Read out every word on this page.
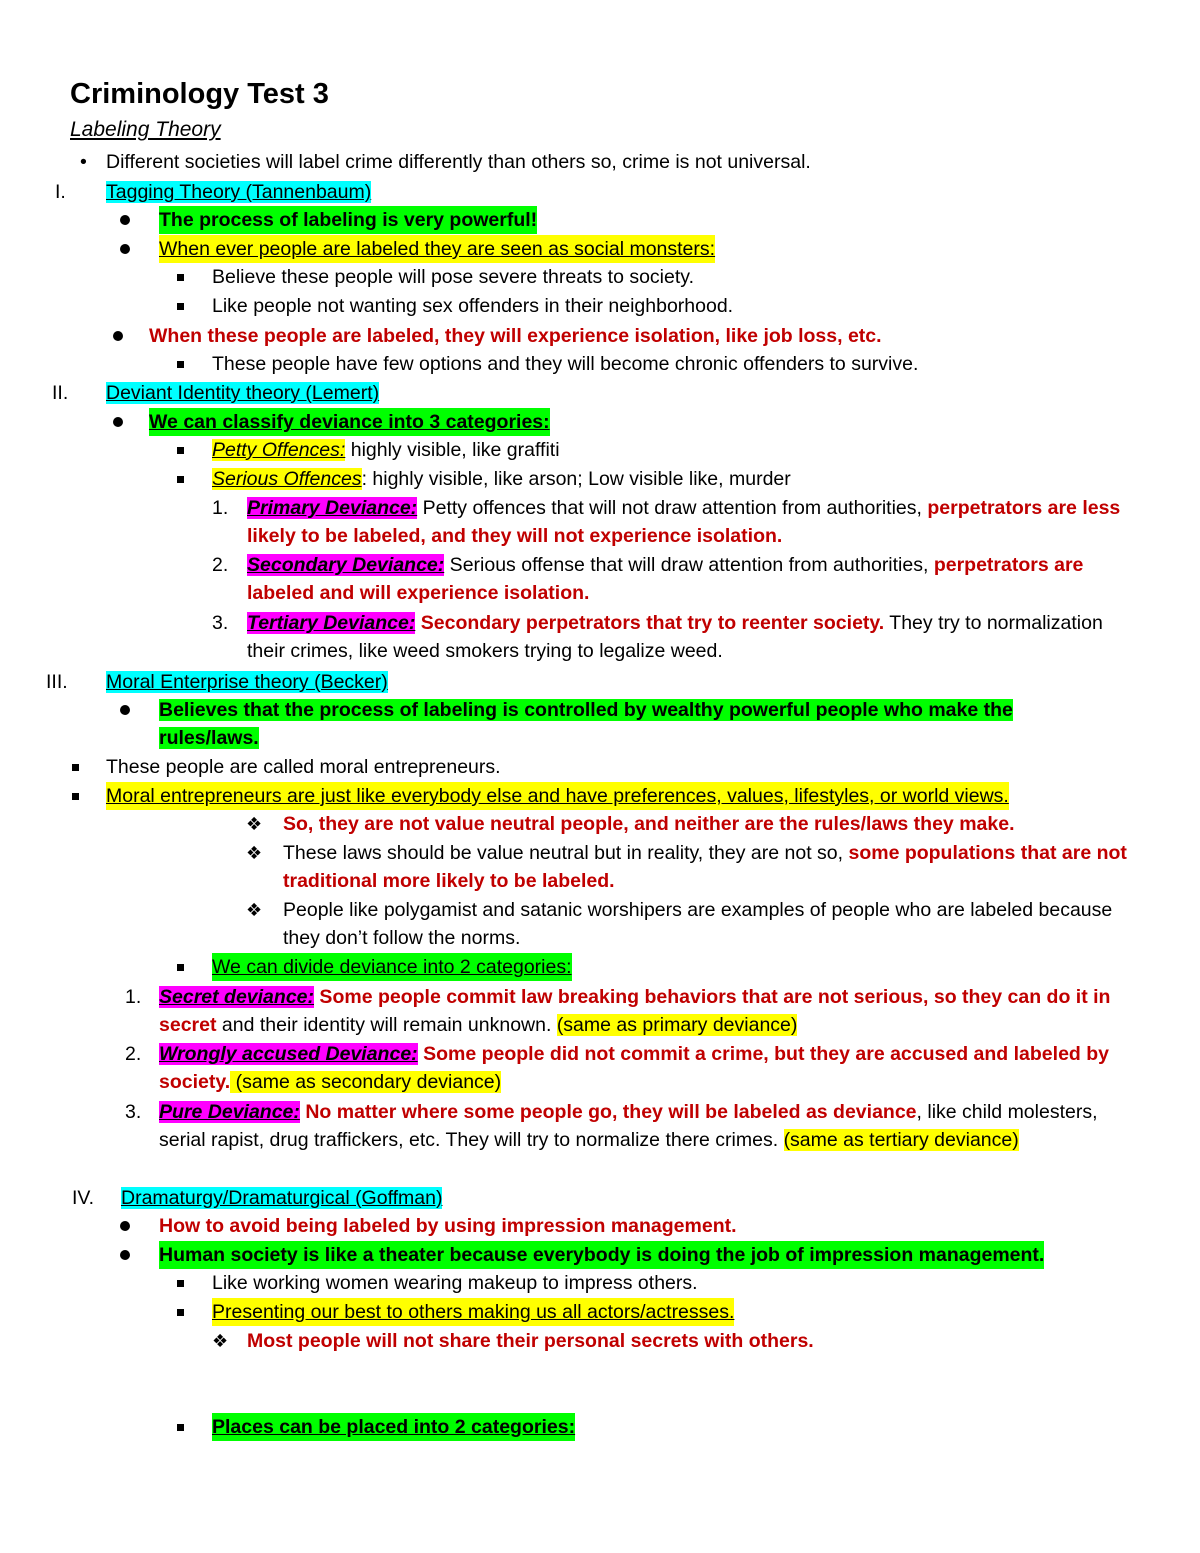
Criminology Test 3
Labeling Theory
• Different societies will label crime differently than others so, crime is not universal.
I. Tagging Theory (Tannenbaum)
The process of labeling is very powerful!
When ever people are labeled they are seen as social monsters:
Believe these people will pose severe threats to society.
Like people not wanting sex offenders in their neighborhood.
When these people are labeled, they will experience isolation, like job loss, etc.
These people have few options and they will become chronic offenders to survive.
II. Deviant Identity theory (Lemert)
We can classify deviance into 3 categories:
Petty Offences: highly visible, like graffiti
Serious Offences: highly visible, like arson; Low visible like, murder
1. Primary Deviance: Petty offences that will not draw attention from authorities, perpetrators are less likely to be labeled, and they will not experience isolation.
2. Secondary Deviance: Serious offense that will draw attention from authorities, perpetrators are labeled and will experience isolation.
3. Tertiary Deviance: Secondary perpetrators that try to reenter society. They try to normalization their crimes, like weed smokers trying to legalize weed.
III. Moral Enterprise theory (Becker)
Believes that the process of labeling is controlled by wealthy powerful people who make the
rules/laws.
These people are called moral entrepreneurs.
Moral entrepreneurs are just like everybody else and have preferences, values, lifestyles, or world views.
❖ So, they are not value neutral people, and neither are the rules/laws they make.
❖ These laws should be value neutral but in reality, they are not so, some populations that are not traditional more likely to be labeled.
❖ People like polygamist and satanic worshipers are examples of people who are labeled because they don’t follow the norms.
We can divide deviance into 2 categories:
1. Secret deviance: Some people commit law breaking behaviors that are not serious, so they can do it in secret and their identity will remain unknown. (same as primary deviance)
2. Wrongly accused Deviance: Some people did not commit a crime, but they are accused and labeled by society. (same as secondary deviance)
3. Pure Deviance: No matter where some people go, they will be labeled as deviance, like child molesters, serial rapist, drug traffickers, etc. They will try to normalize there crimes. (same as tertiary deviance)
IV. Dramaturgy/Dramaturgical (Goffman)
How to avoid being labeled by using impression management.
Human society is like a theater because everybody is doing the job of impression management.
Like working women wearing makeup to impress others.
Presenting our best to others making us all actors/actresses.
❖ Most people will not share their personal secrets with others.
Places can be placed into 2 categories:
